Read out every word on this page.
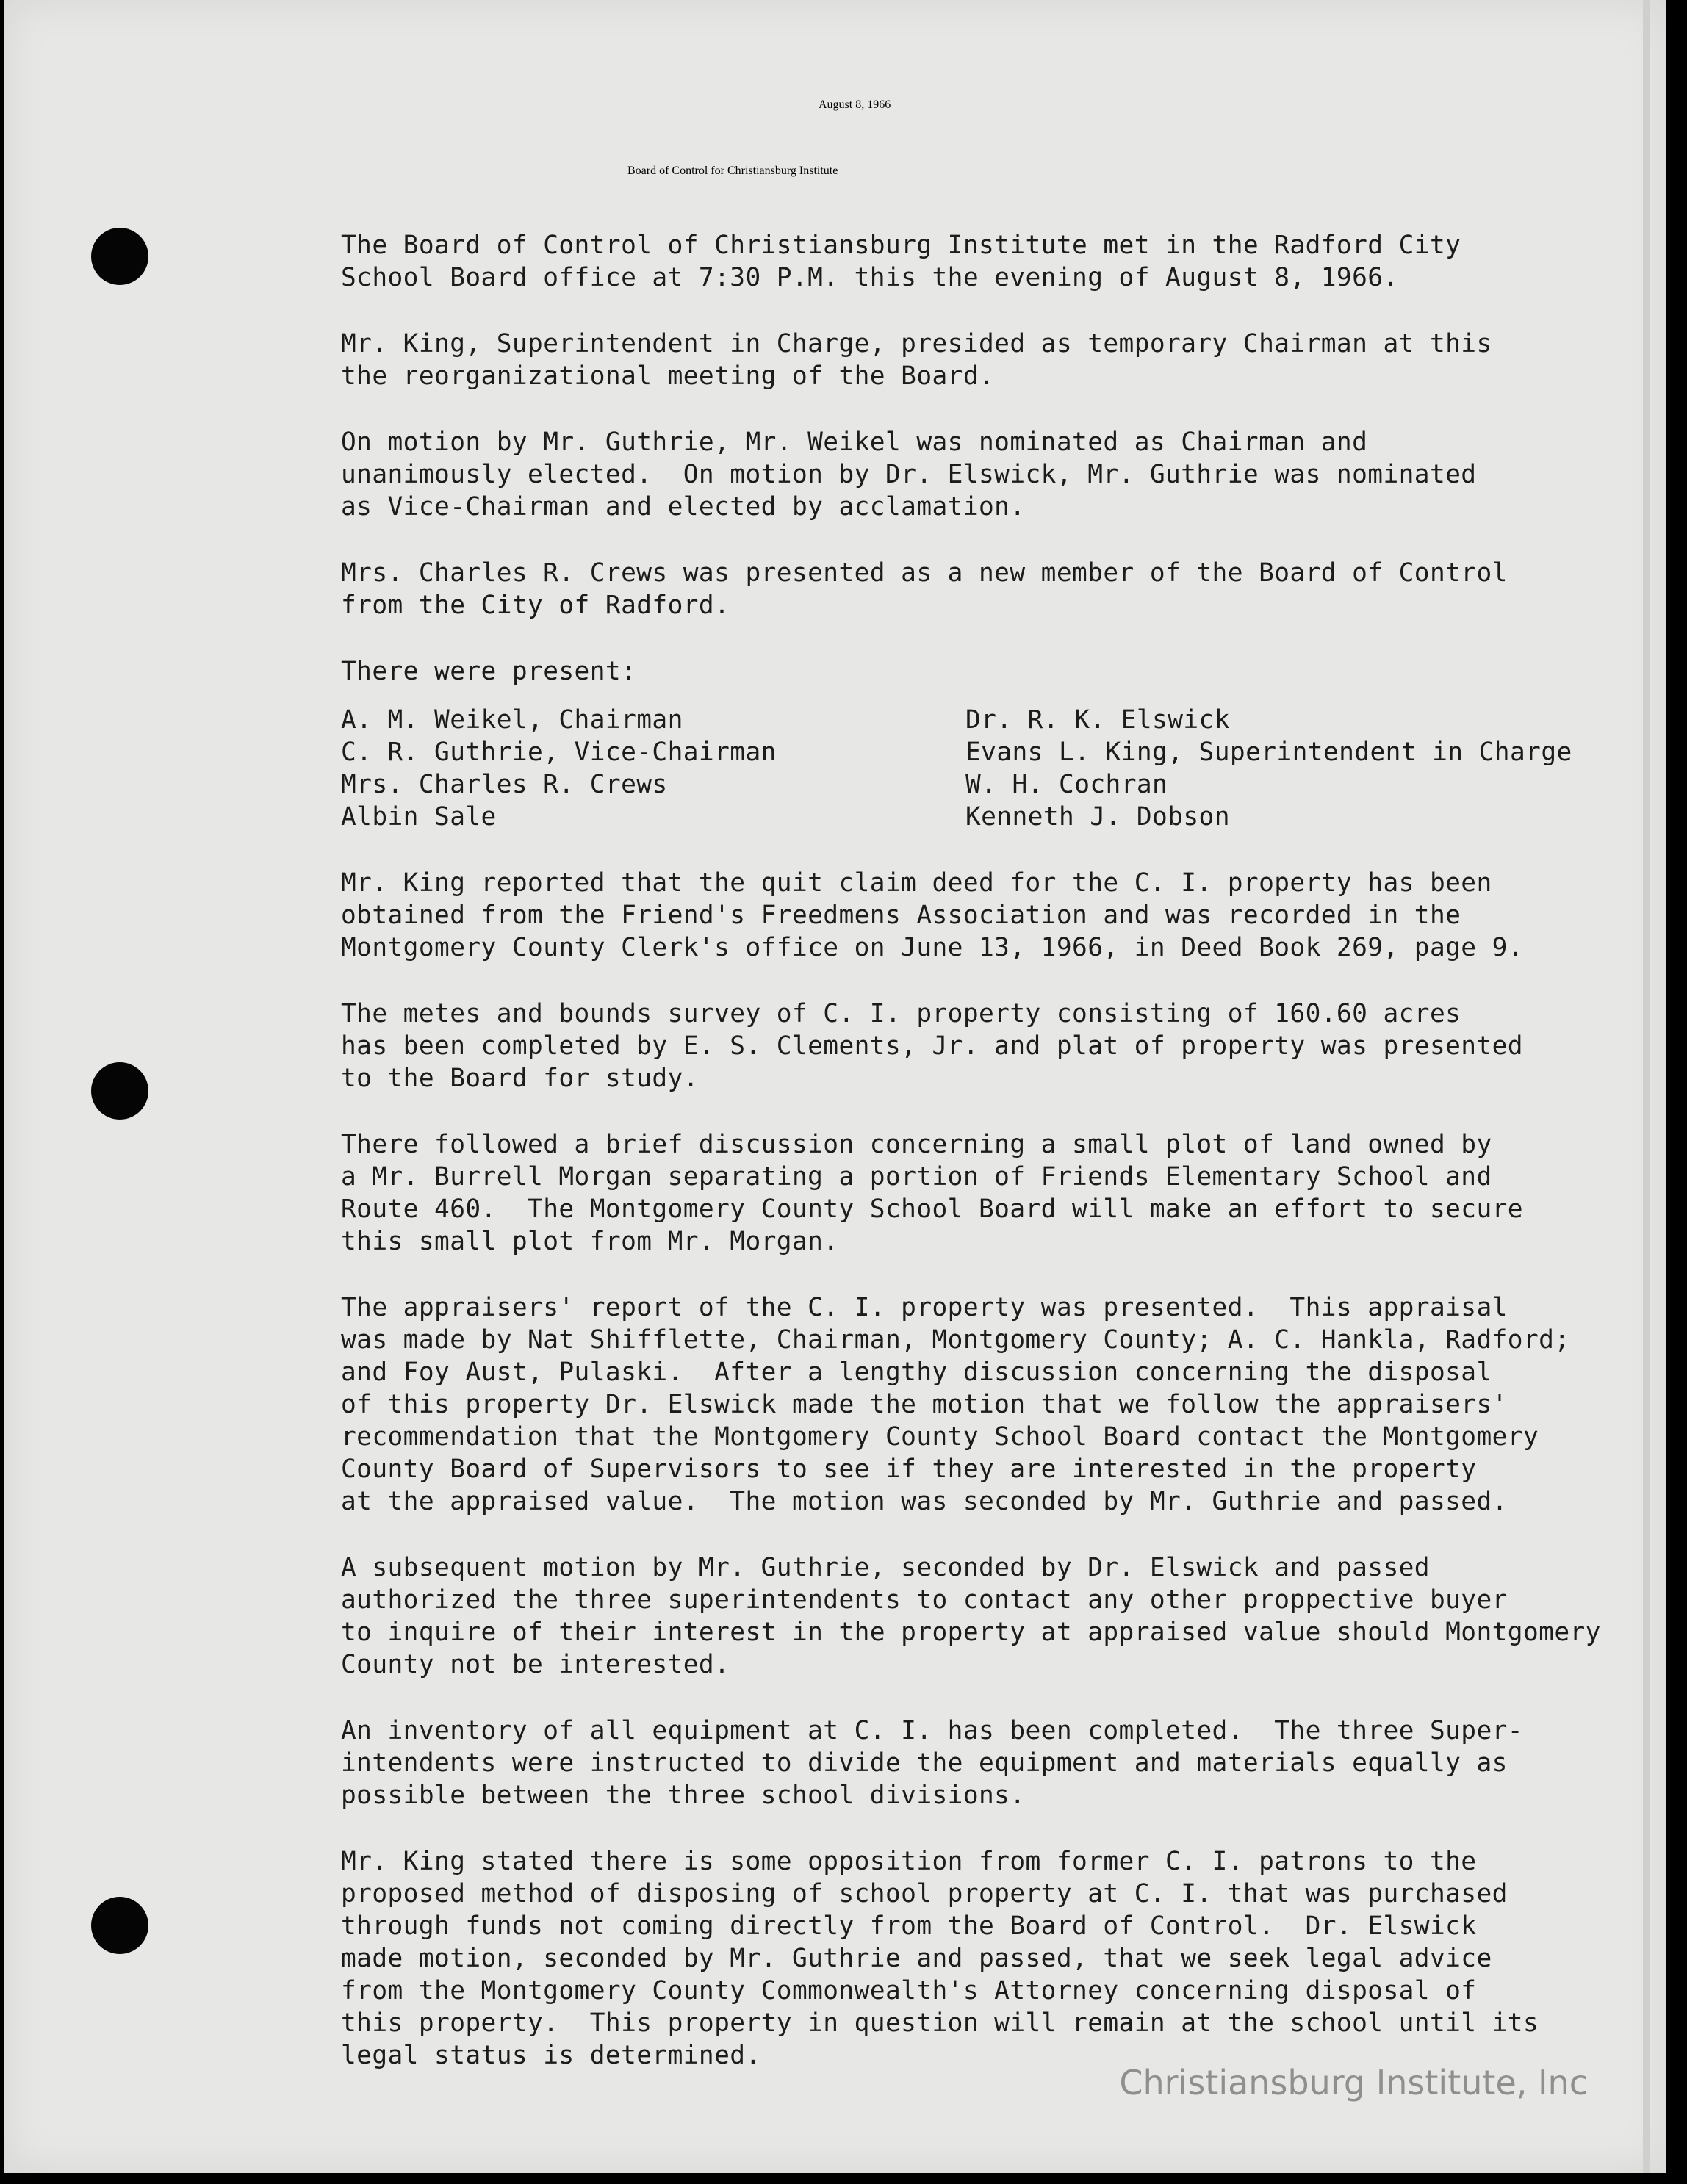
August 8, 1966
Board of Control for Christiansburg Institute
The Board of Control of Christiansburg Institute met in the Radford City
School Board office at 7:30 P.M. this the evening of August 8, 1966.
Mr. King, Superintendent in Charge, presided as temporary Chairman at this
the reorganizational meeting of the Board.
On motion by Mr. Guthrie, Mr. Weikel was nominated as Chairman and
unanimously elected.  On motion by Dr. Elswick, Mr. Guthrie was nominated
as Vice-Chairman and elected by acclamation.
Mrs. Charles R. Crews was presented as a new member of the Board of Control
from the City of Radford.
There were present:
A. M. Weikel, Chairman
C. R. Guthrie, Vice-Chairman
Mrs. Charles R. Crews
Albin Sale
Dr. R. K. Elswick
Evans L. King, Superintendent in Charge
W. H. Cochran
Kenneth J. Dobson
Mr. King reported that the quit claim deed for the C. I. property has been
obtained from the Friend's Freedmens Association and was recorded in the
Montgomery County Clerk's office on June 13, 1966, in Deed Book 269, page 9.
The metes and bounds survey of C. I. property consisting of 160.60 acres
has been completed by E. S. Clements, Jr. and plat of property was presented
to the Board for study.
There followed a brief discussion concerning a small plot of land owned by
a Mr. Burrell Morgan separating a portion of Friends Elementary School and
Route 460.  The Montgomery County School Board will make an effort to secure
this small plot from Mr. Morgan.
The appraisers' report of the C. I. property was presented.  This appraisal
was made by Nat Shifflette, Chairman, Montgomery County; A. C. Hankla, Radford;
and Foy Aust, Pulaski.  After a lengthy discussion concerning the disposal
of this property Dr. Elswick made the motion that we follow the appraisers'
recommendation that the Montgomery County School Board contact the Montgomery
County Board of Supervisors to see if they are interested in the property
at the appraised value.  The motion was seconded by Mr. Guthrie and passed.
A subsequent motion by Mr. Guthrie, seconded by Dr. Elswick and passed
authorized the three superintendents to contact any other proppective buyer
to inquire of their interest in the property at appraised value should Montgomery
County not be interested.
An inventory of all equipment at C. I. has been completed.  The three Super-
intendents were instructed to divide the equipment and materials equally as
possible between the three school divisions.
Mr. King stated there is some opposition from former C. I. patrons to the
proposed method of disposing of school property at C. I. that was purchased
through funds not coming directly from the Board of Control.  Dr. Elswick
made motion, seconded by Mr. Guthrie and passed, that we seek legal advice
from the Montgomery County Commonwealth's Attorney concerning disposal of
this property.  This property in question will remain at the school until its
legal status is determined.
Christiansburg Institute, Inc
